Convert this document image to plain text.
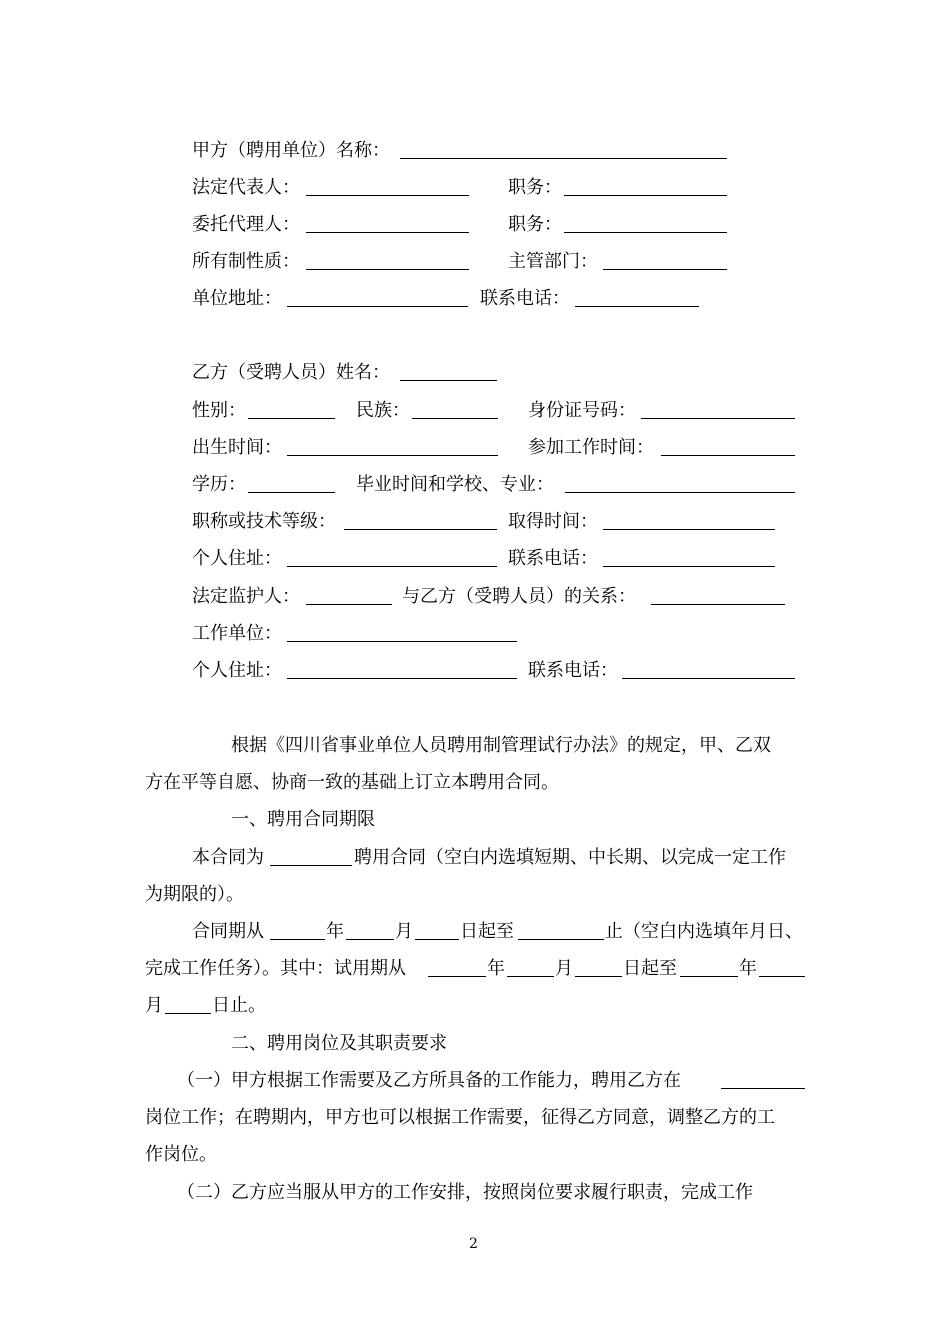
甲方（聘用单位）名称：
法定代表人：	职务：
委托代理人：	职务：
所有制性质：	主管部门：
单位地址：	联系电话：
乙方（受聘人员）姓名：
性别：	民族：	身份证号码：
出生时间：	参加工作时间：
学历：	毕业时间和学校、专业：
职称或技术等级：	取得时间：
个人住址：	联系电话：
法定监护人：	与乙方（受聘人员）的关系：
工作单位：
个人住址：	联系电话：
根据《四川省事业单位人员聘用制管理试行办法》的规定，甲、乙双
方在平等自愿、协商一致的基础上订立本聘用合同。
一、聘用合同期限
本合同为	聘用合同（空白内选填短期、中长期、以完成一定工作
为期限的）。
合同期从	年	月	日起至	止（空白内选填年月日、
完成工作任务）。其中：试用期从	年	月	日起至	年
月	日止。
二、聘用岗位及其职责要求
（一）甲方根据工作需要及乙方所具备的工作能力，聘用乙方在
岗位工作；在聘期内，甲方也可以根据工作需要，征得乙方同意，调整乙方的工
作岗位。
（二）乙方应当服从甲方的工作安排，按照岗位要求履行职责，完成工作
2
